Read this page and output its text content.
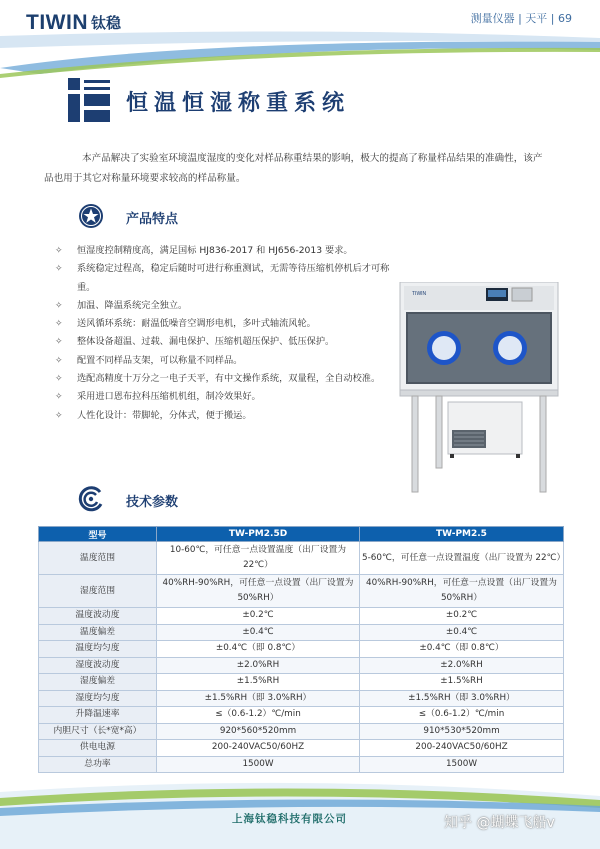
TIWIN 钛稳	测量仪器 | 天平 | 69
恒温恒湿称重系统
本产品解决了实验室环境温度湿度的变化对样品称重结果的影响，极大的提高了称量样品结果的准确性，该产品也用于其它对称量环境要求较高的样品称量。
产品特点
✧ 恒湿度控制精度高，满足国标 HJ836-2017 和 HJ656-2013 要求。
✧ 系统稳定过程高，稳定后随时可进行称重测试，无需等待压缩机停机后才可称重。
✧ 加温、降温系统完全独立。
✧ 送风循环系统：耐温低噪音空调形电机，多叶式轴流风轮。
✧ 整体设备超温、过载、漏电保护、压缩机超压保护、低压保护。
✧ 配置不同样品支架，可以称量不同样品。
✧ 选配高精度十万分之一电子天平，有中文操作系统，双量程，全自动校准。
✧ 采用进口恩布拉科压缩机机组，制冷效果好。
✧ 人性化设计：带脚轮，分体式，便于搬运。
TIWIN
技术参数
型号	TW-PM2.5D	TW-PM2.5
温度范围	10-60℃，可任意一点设置温度（出厂设置为 22℃）	5-60℃，可任意一点设置温度（出厂设置为 22℃）
湿度范围	40%RH-90%RH，可任意一点设置（出厂设置为 50%RH）	40%RH-90%RH，可任意一点设置（出厂设置为 50%RH）
温度波动度	±0.2℃	±0.2℃
温度偏差	±0.4℃	±0.4℃
温度均匀度	±0.4℃（即 0.8℃）	±0.4℃（即 0.8℃）
湿度波动度	±2.0%RH	±2.0%RH
湿度偏差	±1.5%RH	±1.5%RH
湿度均匀度	±1.5%RH（即 3.0%RH）	±1.5%RH（即 3.0%RH）
升降温速率	≤（0.6-1.2）℃/min	≤（0.6-1.2）℃/min
内胆尺寸（长*宽*高）	920*560*520mm	910*530*520mm
供电电源	200-240VAC50/60HZ	200-240VAC50/60HZ
总功率	1500W	1500W
上海钛稳科技有限公司	知乎 @蝴蝶飞船v
